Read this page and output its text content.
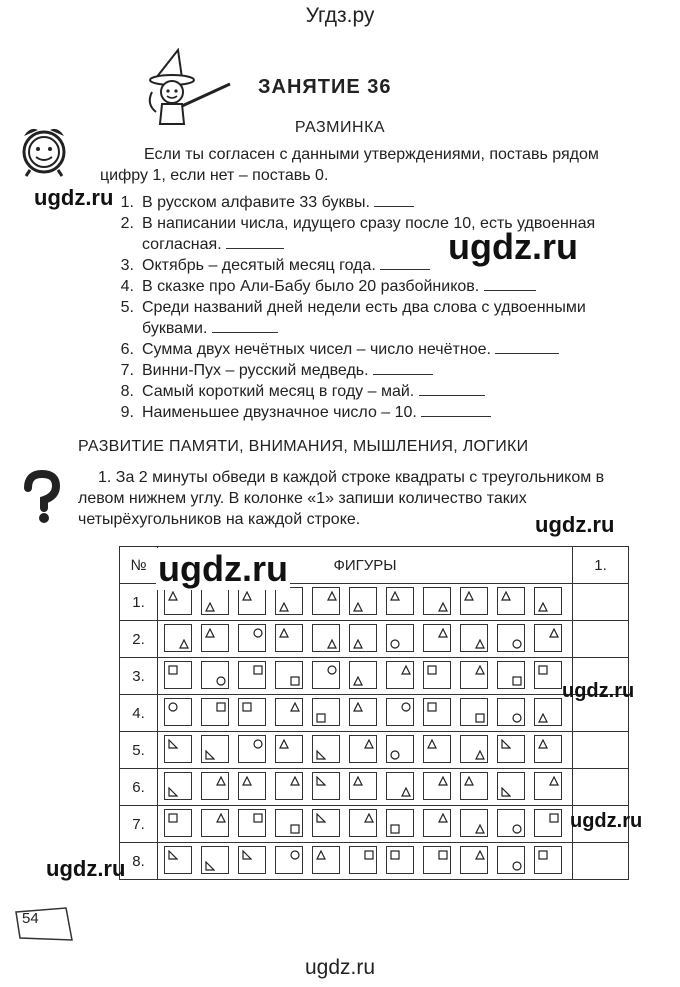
Угдз.ру
ЗАНЯТИЕ 36
РАЗМИНКА
Если ты согласен с данными утверждениями, поставь рядом цифру 1, если нет – поставь 0.
1. В русском алфавите 33 буквы.
2. В написании числа, идущего сразу после 10, есть удвоенная согласная.
3. Октябрь – десятый месяц года.
4. В сказке про Али-Бабу было 20 разбойников.
5. Среди названий дней недели есть два слова с удвоенными буквами.
6. Сумма двух нечётных чисел – число нечётное.
7. Винни-Пух – русский медведь.
8. Самый короткий месяц в году – май.
9. Наименьшее двузначное число – 10.
РАЗВИТИЕ ПАМЯТИ, ВНИМАНИЯ, МЫШЛЕНИЯ, ЛОГИКИ
1. За 2 минуты обведи в каждой строке квадраты с треугольником в левом нижнем углу. В колонке «1» запиши количество таких четырёхугольников на каждой строке.
№	ФИГУРЫ	1.
1.	

2.	

3.	

4.	

5.	

6.	

7.	

8.	

54
ugdz.ru
ugdz.ru
ugdz.ru
ugdz.ru
ugdz.ru
ugdz.ru
ugdz.ru
ugdz.ru
